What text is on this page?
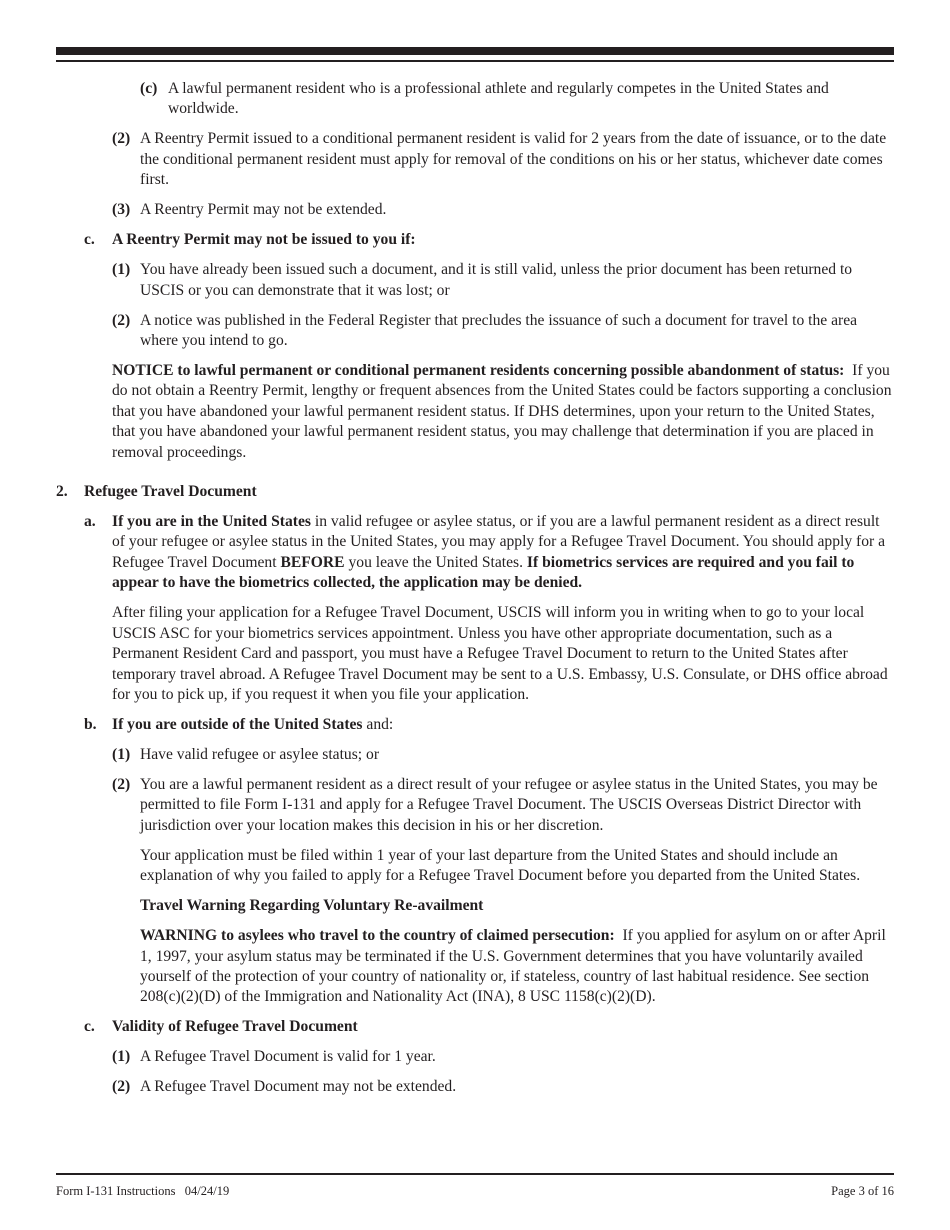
(c) A lawful permanent resident who is a professional athlete and regularly competes in the United States and worldwide.
(2) A Reentry Permit issued to a conditional permanent resident is valid for 2 years from the date of issuance, or to the date the conditional permanent resident must apply for removal of the conditions on his or her status, whichever date comes first.
(3) A Reentry Permit may not be extended.
c. A Reentry Permit may not be issued to you if:
(1) You have already been issued such a document, and it is still valid, unless the prior document has been returned to USCIS or you can demonstrate that it was lost; or
(2) A notice was published in the Federal Register that precludes the issuance of such a document for travel to the area where you intend to go.
NOTICE to lawful permanent or conditional permanent residents concerning possible abandonment of status: If you do not obtain a Reentry Permit, lengthy or frequent absences from the United States could be factors supporting a conclusion that you have abandoned your lawful permanent resident status. If DHS determines, upon your return to the United States, that you have abandoned your lawful permanent resident status, you may challenge that determination if you are placed in removal proceedings.
2. Refugee Travel Document
a. If you are in the United States in valid refugee or asylee status, or if you are a lawful permanent resident as a direct result of your refugee or asylee status in the United States, you may apply for a Refugee Travel Document. You should apply for a Refugee Travel Document BEFORE you leave the United States. If biometrics services are required and you fail to appear to have the biometrics collected, the application may be denied.
After filing your application for a Refugee Travel Document, USCIS will inform you in writing when to go to your local USCIS ASC for your biometrics services appointment. Unless you have other appropriate documentation, such as a Permanent Resident Card and passport, you must have a Refugee Travel Document to return to the United States after temporary travel abroad. A Refugee Travel Document may be sent to a U.S. Embassy, U.S. Consulate, or DHS office abroad for you to pick up, if you request it when you file your application.
b. If you are outside of the United States and:
(1) Have valid refugee or asylee status; or
(2) You are a lawful permanent resident as a direct result of your refugee or asylee status in the United States, you may be permitted to file Form I-131 and apply for a Refugee Travel Document. The USCIS Overseas District Director with jurisdiction over your location makes this decision in his or her discretion.
Your application must be filed within 1 year of your last departure from the United States and should include an explanation of why you failed to apply for a Refugee Travel Document before you departed from the United States.
Travel Warning Regarding Voluntary Re-availment
WARNING to asylees who travel to the country of claimed persecution: If you applied for asylum on or after April 1, 1997, your asylum status may be terminated if the U.S. Government determines that you have voluntarily availed yourself of the protection of your country of nationality or, if stateless, country of last habitual residence. See section 208(c)(2)(D) of the Immigration and Nationality Act (INA), 8 USC 1158(c)(2)(D).
c. Validity of Refugee Travel Document
(1) A Refugee Travel Document is valid for 1 year.
(2) A Refugee Travel Document may not be extended.
Form I-131 Instructions   04/24/19	Page 3 of 16
